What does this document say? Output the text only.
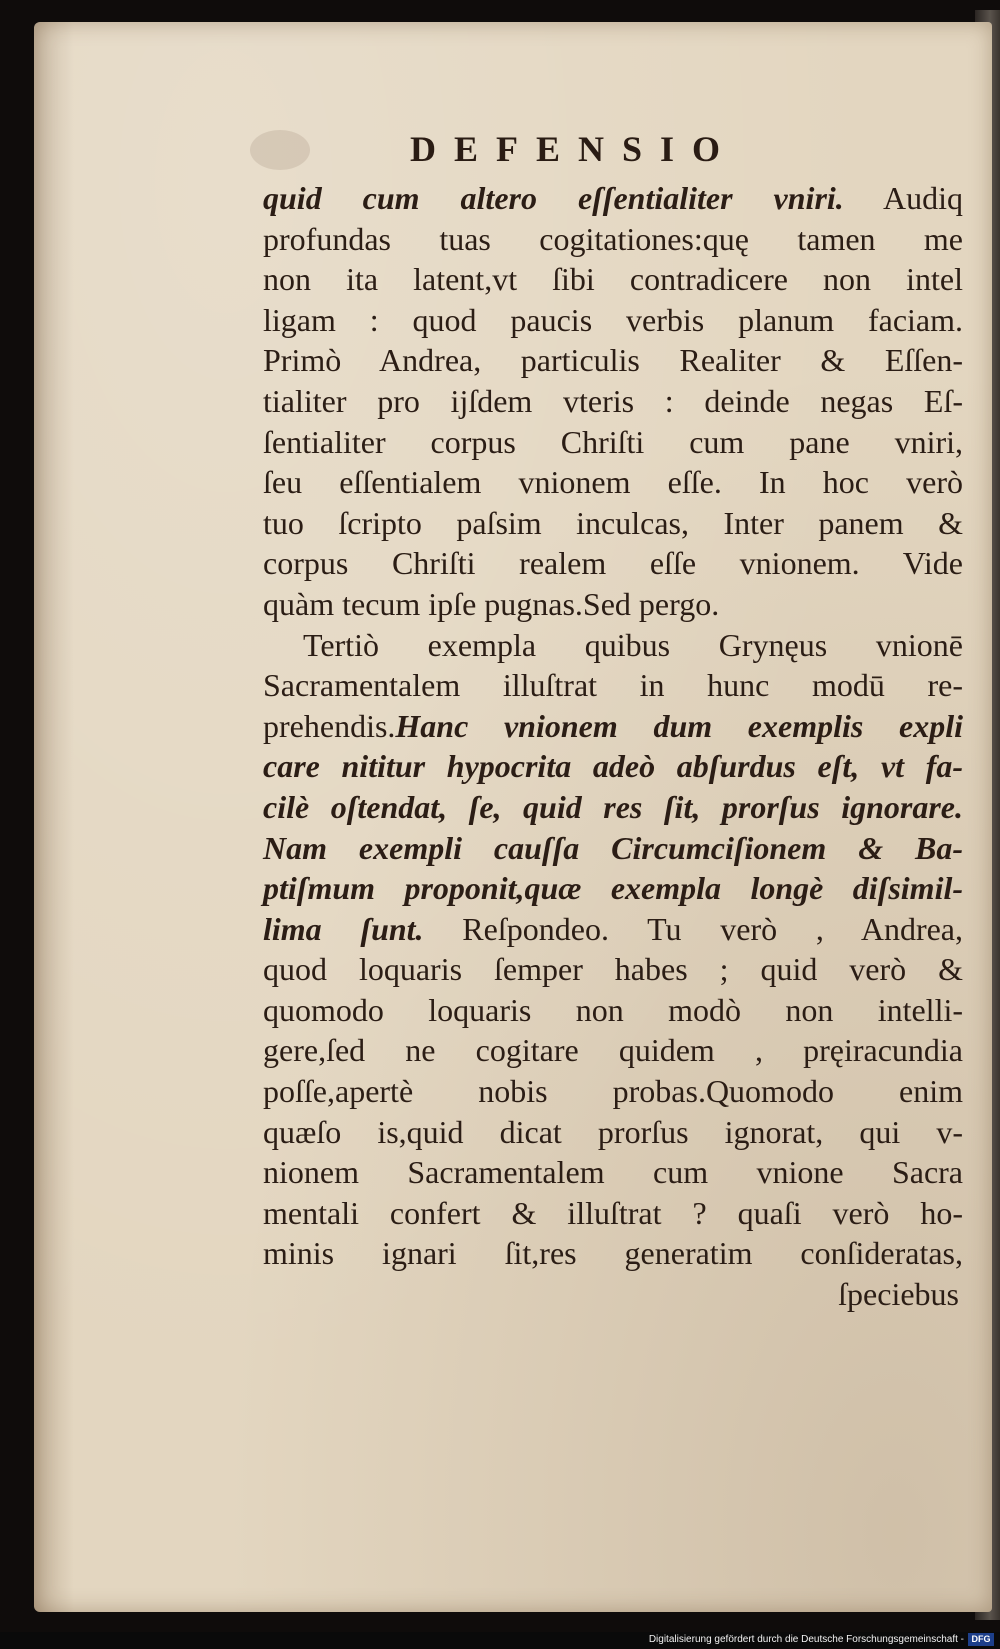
DEFENSIO
quid cum altero eſſentialiter vniri. Audiq
profundas tuas cogitationes:quę tamen me
non ita latent,vt ſibi contradicere non intel
ligam : quod paucis verbis planum faciam.
Primò Andrea, particulis Realiter & Eſſen-
tialiter pro ijſdem vteris : deinde negas Eſ-
ſentialiter corpus Chriſti cum pane vniri,
ſeu eſſentialem vnionem eſſe. In hoc verò
tuo ſcripto paſsim inculcas, Inter panem &
corpus Chriſti realem eſſe vnionem. Vide
quàm tecum ipſe pugnas.Sed pergo.
Tertiò exempla quibus Grynęus vnionē
Sacramentalem illuſtrat in hunc modū re-
prehendis.Hanc vnionem dum exemplis expli
care nititur hypocrita adeò abſurdus eſt, vt fa-
cilè oſtendat, ſe, quid res ſit, prorſus ignorare.
Nam exempli cauſſa Circumciſionem & Ba-
ptiſmum proponit,quæ exempla longè diſsimil-
lima ſunt. Reſpondeo. Tu verò , Andrea,
quod loquaris ſemper habes ; quid verò &
quomodo loquaris non modò non intelli-
gere,ſed ne cogitare quidem , pręiracundia
poſſe,apertè nobis probas.Quomodo enim
quæſo is,quid dicat prorſus ignorat, qui v-
nionem Sacramentalem cum vnione Sacra
mentali confert & illuſtrat ? quaſi verò ho-
minis ignari ſit,res generatim conſideratas,
ſpeciebus
Digitalisierung gefördert durch die Deutsche Forschungsgemeinschaft - DFG
